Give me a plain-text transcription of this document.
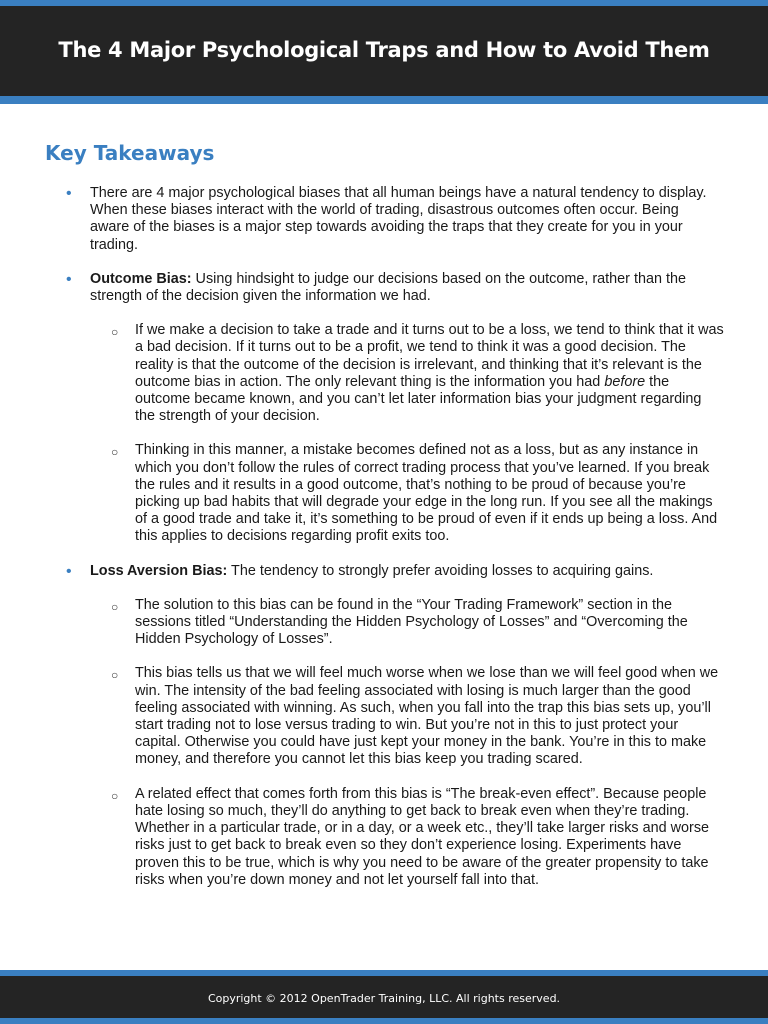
The 4 Major Psychological Traps and How to Avoid Them
Key Takeaways
• There are 4 major psychological biases that all human beings have a natural tendency to display. When these biases interact with the world of trading, disastrous outcomes often occur. Being aware of the biases is a major step towards avoiding the traps that they create for you in your trading.
• Outcome Bias: Using hindsight to judge our decisions based on the outcome, rather than the strength of the decision given the information we had.
○ If we make a decision to take a trade and it turns out to be a loss, we tend to think that it was a bad decision. If it turns out to be a profit, we tend to think it was a good decision. The reality is that the outcome of the decision is irrelevant, and thinking that it’s relevant is the outcome bias in action. The only relevant thing is the information you had before the outcome became known, and you can’t let later information bias your judgment regarding the strength of your decision.
○ Thinking in this manner, a mistake becomes defined not as a loss, but as any instance in which you don’t follow the rules of correct trading process that you’ve learned. If you break the rules and it results in a good outcome, that’s nothing to be proud of because you’re picking up bad habits that will degrade your edge in the long run. If you see all the makings of a good trade and take it, it’s something to be proud of even if it ends up being a loss. And this applies to decisions regarding profit exits too.
• Loss Aversion Bias: The tendency to strongly prefer avoiding losses to acquiring gains.
○ The solution to this bias can be found in the “Your Trading Framework” section in the sessions titled “Understanding the Hidden Psychology of Losses” and “Overcoming the Hidden Psychology of Losses”.
○ This bias tells us that we will feel much worse when we lose than we will feel good when we win. The intensity of the bad feeling associated with losing is much larger than the good feeling associated with winning. As such, when you fall into the trap this bias sets up, you’ll start trading not to lose versus trading to win. But you’re not in this to just protect your capital. Otherwise you could have just kept your money in the bank. You’re in this to make money, and therefore you cannot let this bias keep you trading scared.
○ A related effect that comes forth from this bias is “The break-even effect”. Because people hate losing so much, they’ll do anything to get back to break even when they’re trading. Whether in a particular trade, or in a day, or a week etc., they’ll take larger risks and worse risks just to get back to break even so they don’t experience losing. Experiments have proven this to be true, which is why you need to be aware of the greater propensity to take risks when you’re down money and not let yourself fall into that.
Copyright © 2012 OpenTrader Training, LLC. All rights reserved.
